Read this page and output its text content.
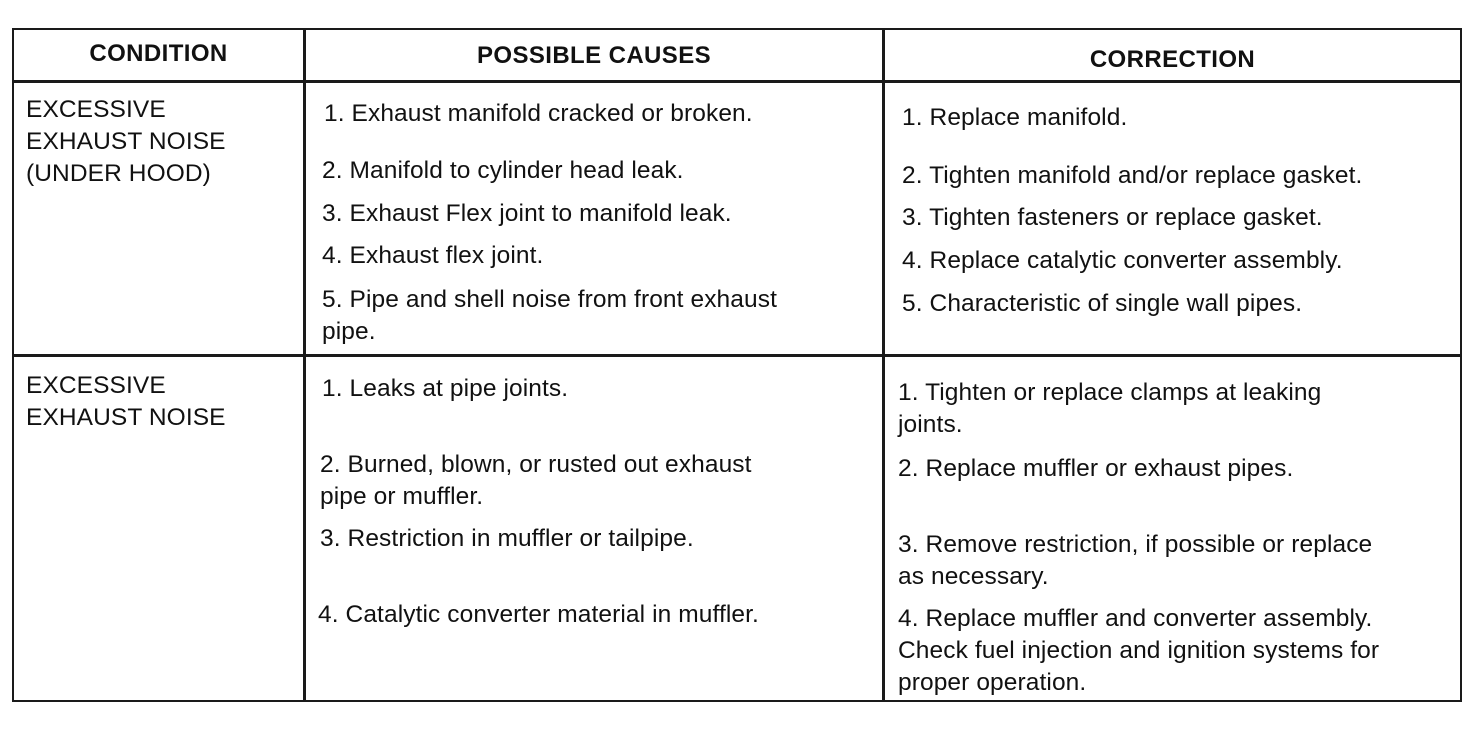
CONDITION	POSSIBLE CAUSES	CORRECTION
EXCESSIVE
EXHAUST NOISE
(UNDER HOOD)
1. Exhaust manifold cracked or broken.
2. Manifold to cylinder head leak.
3. Exhaust Flex joint to manifold leak.
4. Exhaust flex joint.
5. Pipe and shell noise from front exhaust
pipe.
1. Replace manifold.
2. Tighten manifold and/or replace gasket.
3. Tighten fasteners or replace gasket.
4. Replace catalytic converter assembly.
5. Characteristic of single wall pipes.
EXCESSIVE
EXHAUST NOISE
1. Leaks at pipe joints.
2. Burned, blown, or rusted out exhaust
pipe or muffler.
3. Restriction in muffler or tailpipe.
4. Catalytic converter material in muffler.
1. Tighten or replace clamps at leaking
joints.
2. Replace muffler or exhaust pipes.
3. Remove restriction, if possible or replace
as necessary.
4. Replace muffler and converter assembly.
Check fuel injection and ignition systems for
proper operation.
